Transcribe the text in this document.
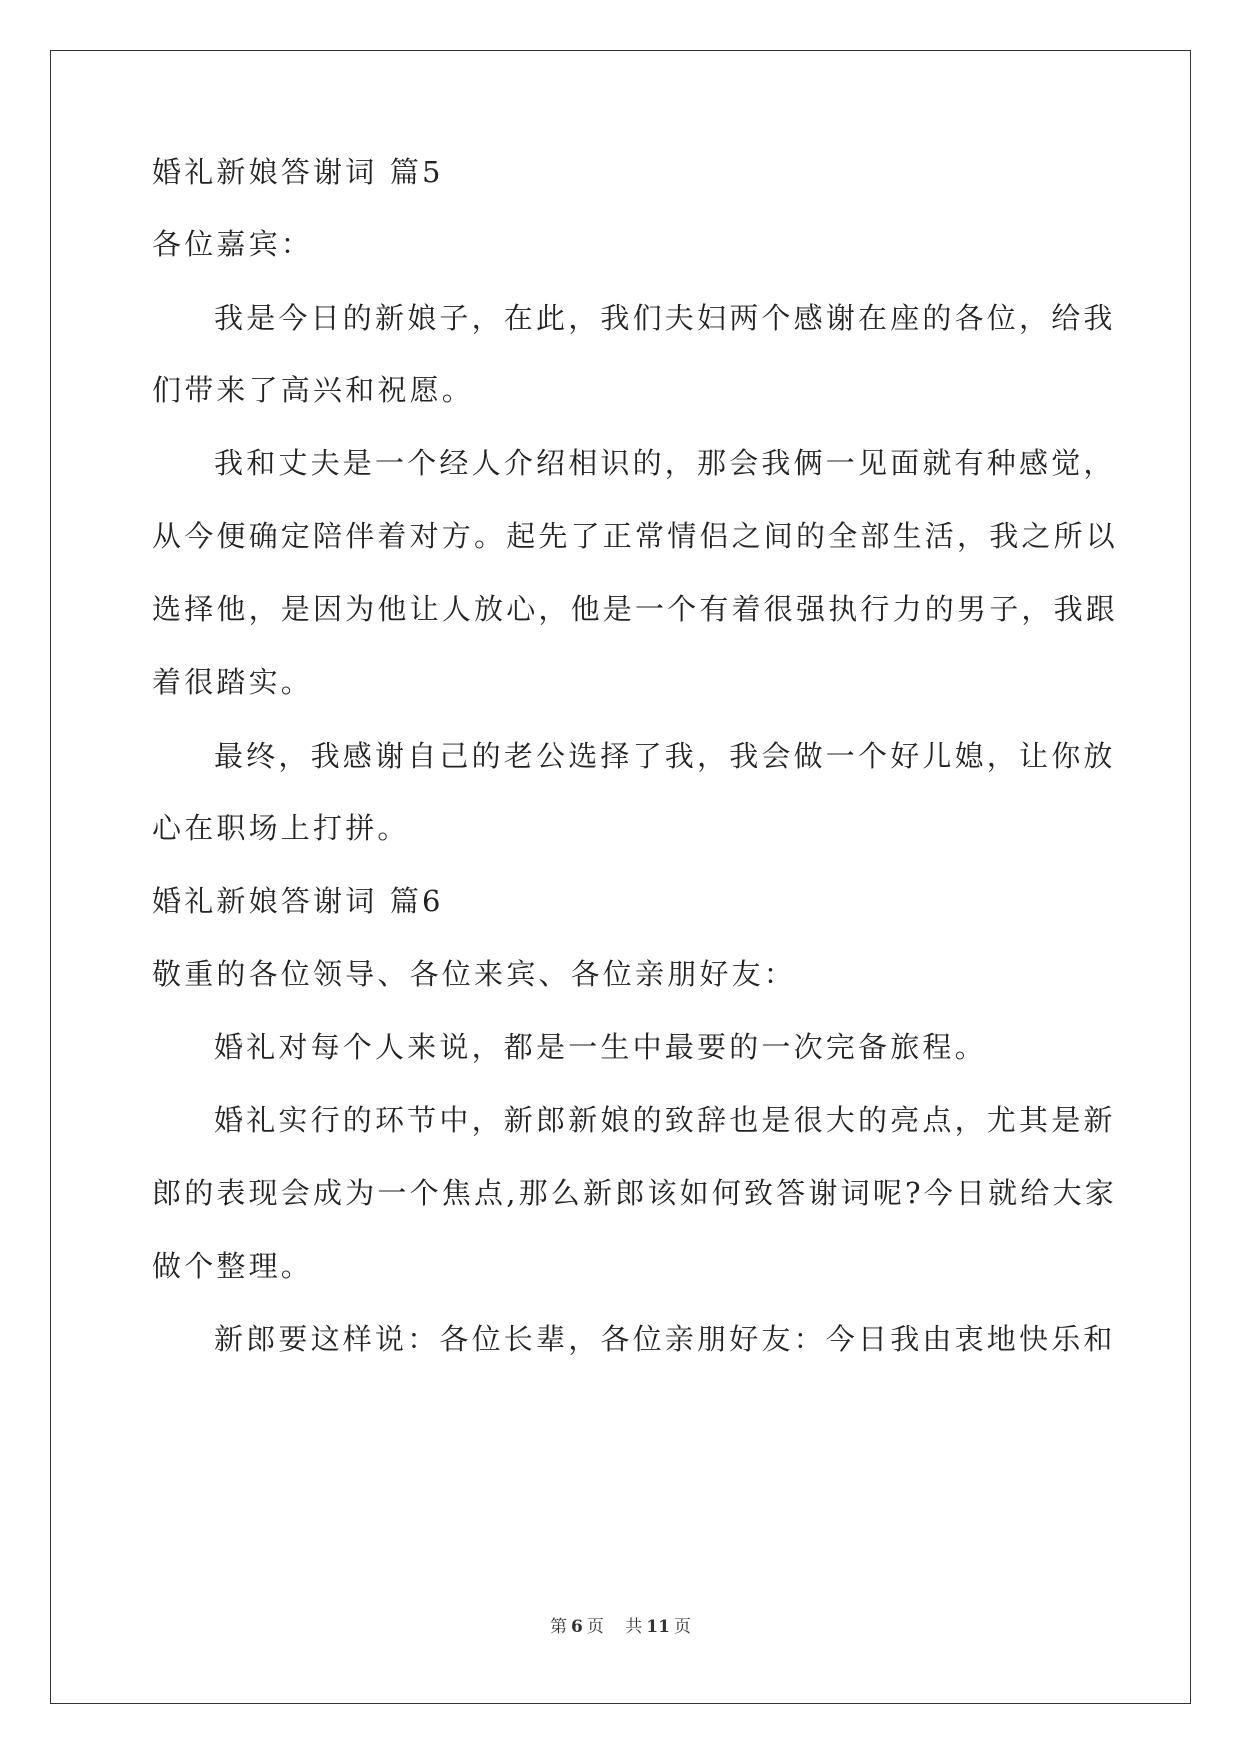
婚礼新娘答谢词 篇5
各位嘉宾：
我是今日的新娘子，在此，我们夫妇两个感谢在座的各位，给我
们带来了高兴和祝愿。
我和丈夫是一个经人介绍相识的，那会我俩一见面就有种感觉，
从今便确定陪伴着对方。起先了正常情侣之间的全部生活，我之所以
选择他，是因为他让人放心，他是一个有着很强执行力的男子，我跟
着很踏实。
最终，我感谢自己的老公选择了我，我会做一个好儿媳，让你放
心在职场上打拼。
婚礼新娘答谢词 篇6
敬重的各位领导、各位来宾、各位亲朋好友：
婚礼对每个人来说，都是一生中最要的一次完备旅程。
婚礼实行的环节中，新郎新娘的致辞也是很大的亮点，尤其是新
郎的表现会成为一个焦点,那么新郎该如何致答谢词呢?今日就给大家
做个整理。
新郎要这样说：各位长辈，各位亲朋好友：今日我由衷地快乐和
第 6 页 共 11 页
